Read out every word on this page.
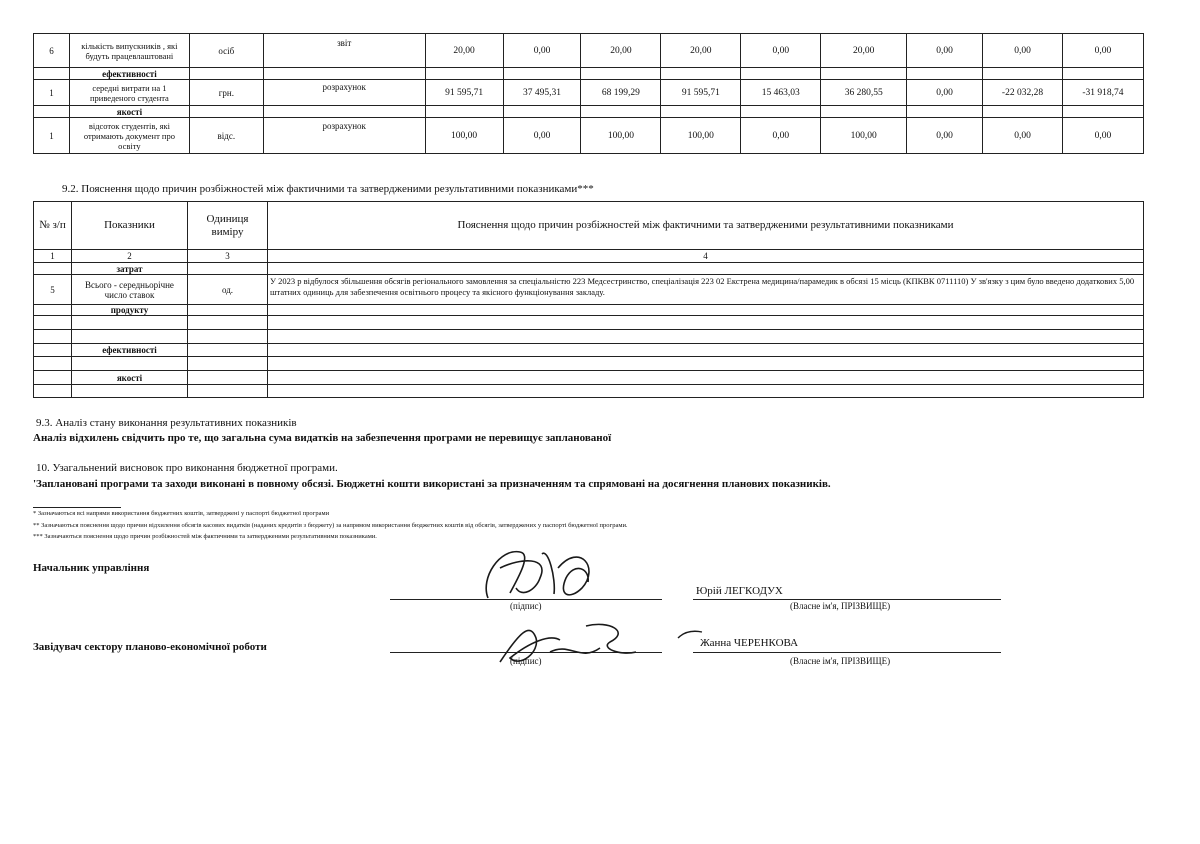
6	кількість випускників , які будуть працевлаштовані	осіб	звіт	20,00	0,00	20,00	20,00	0,00	20,00	0,00	0,00	0,00
	ефективності											
1	середні витрати на 1 приведеного студента	грн.	розрахунок	91 595,71	37 495,31	68 199,29	91 595,71	15 463,03	36 280,55	0,00	-22 032,28	-31 918,74
	якості											
1	відсоток студентів, які отримають документ про освіту	відс.	розрахунок	100,00	0,00	100,00	100,00	0,00	100,00	0,00	0,00	0,00
9.2. Пояснення щодо причин розбіжностей між фактичними та затвердженими результативними показниками***
№ з/п	Показники	Одиниця виміру	Пояснення щодо причин розбіжностей між фактичними та затвердженими результативними показниками
1	2	3	4
	затрат		
5	Всього - середньорічне число ставок	од.	У 2023 р відбулося збільшення обсягів регіонального замовлення за спеціальністю 223 Медсестринство, спеціалізація 223 02 Екстрена медицина/парамедик в обсязі 15 місць (КПКВК 0711110) У зв'язку з цим було введено додаткових 5,00 штатних одиниць для забезпечення освітнього процесу та якісного функціонування закладу.
	продукту		

	ефективності		

	якості		

9.3. Аналіз стану виконання результативних показників
Аналіз відхилень свідчить про те, що загальна сума видатків на забезпечення програми не перевищує запланованої
10. Узагальнений висновок про виконання бюджетної програми.
'Заплановані програми та заходи виконані в повному обсязі. Бюджетні кошти використані за призначенням та спрямовані на досягнення планових показників.
* Зазначаються всі напрями використання бюджетних коштів, затверджені у паспорті бюджетної програми
** Зазначаються пояснення щодо причин відхилення обсягів касових видатків (наданих кредитів з бюджету) за напрямом використання бюджетних коштів від обсягів, затверджених у паспорті бюджетної програми.
*** Зазначаються пояснення щодо причин розбіжностей між фактичними та затвердженими результативними показниками.
Начальник управління
(підпис)
Юрій ЛЕГКОДУХ
(Власне ім'я, ПРІЗВИЩЕ)
Завідувач сектору планово-економічної роботи
(підпис)
Жанна ЧЕРЕНКОВА
(Власне ім'я, ПРІЗВИЩЕ)
